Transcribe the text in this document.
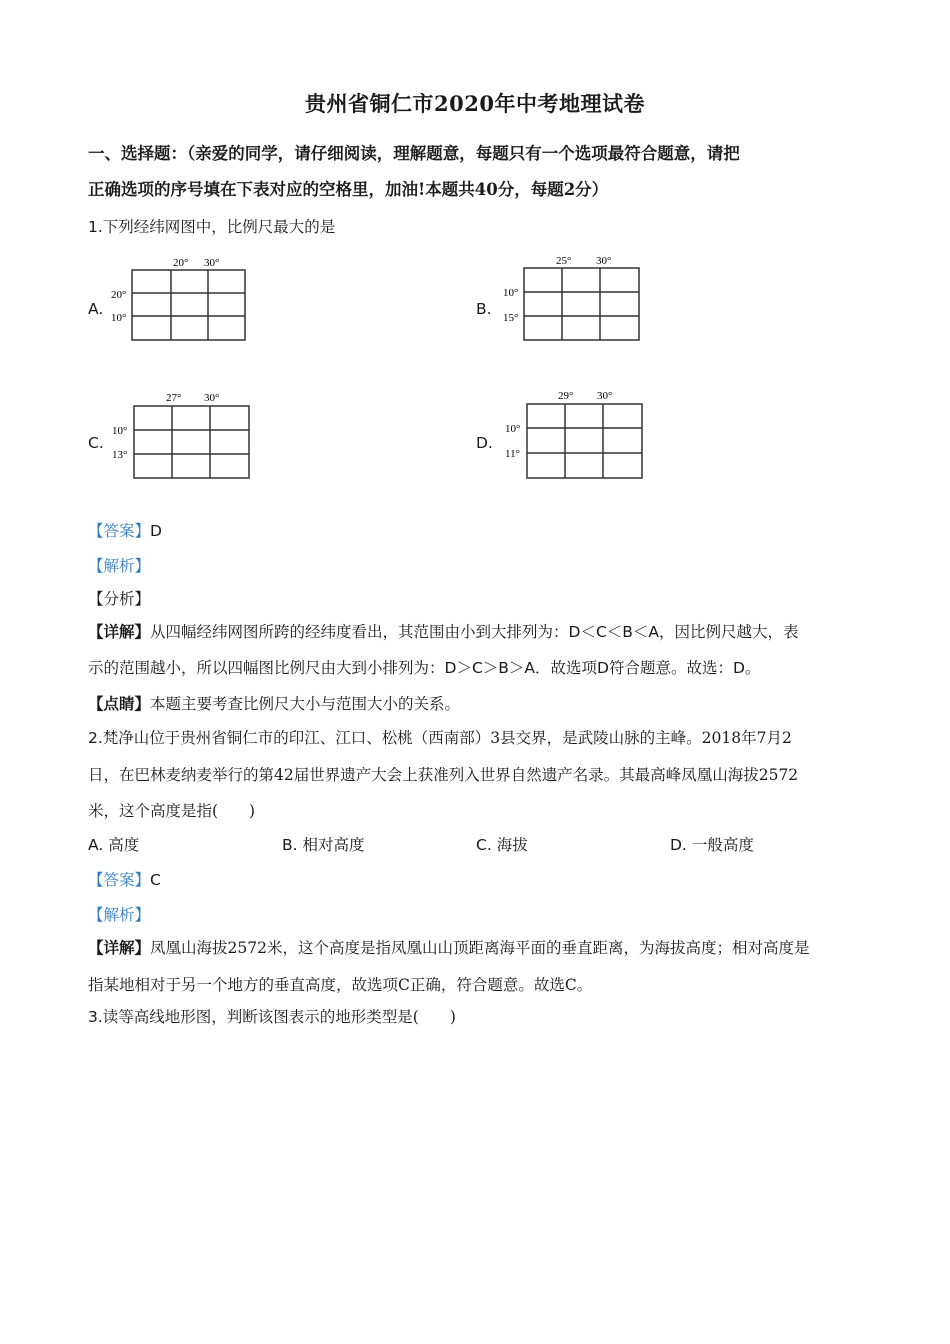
贵州省铜仁市2020年中考地理试卷
一、选择题：（亲爱的同学，请仔细阅读，理解题意，每题只有一个选项最符合题意，请把
正确选项的序号填在下表对应的空格里，加油!本题共40分，每题2分）
1.下列经纬网图中，比例尺最大的是
A.
20° 30°
20°
10°	B.
25° 30°
10°
15°
C.
27° 30°
10°
13°
D.
29° 30°
10°
11°
【答案】D
【解析】
【分析】
【详解】从四幅经纬网图所跨的经纬度看出，其范围由小到大排列为：D＜C＜B＜A，因比例尺越大，表
示的范围越小，所以四幅图比例尺由大到小排列为：D＞C＞B＞A．故选项D符合题意。故选：D。
【点睛】本题主要考查比例尺大小与范围大小的关系。
2.梵净山位于贵州省铜仁市的印江、江口、松桃（西南部）3县交界，是武陵山脉的主峰。2018年7月2
日，在巴林麦纳麦举行的第42届世界遗产大会上获准列入世界自然遗产名录。其最高峰凤凰山海拔2572
米，这个高度是指(　　)
A. 高度	B. 相对高度	C. 海拔	D. 一般高度
【答案】C
【解析】
【详解】凤凰山海拔2572米，这个高度是指凤凰山山顶距离海平面的垂直距离，为海拔高度；相对高度是
指某地相对于另一个地方的垂直高度，故选项C正确，符合题意。故选C。
3.读等高线地形图，判断该图表示的地形类型是(　　)
